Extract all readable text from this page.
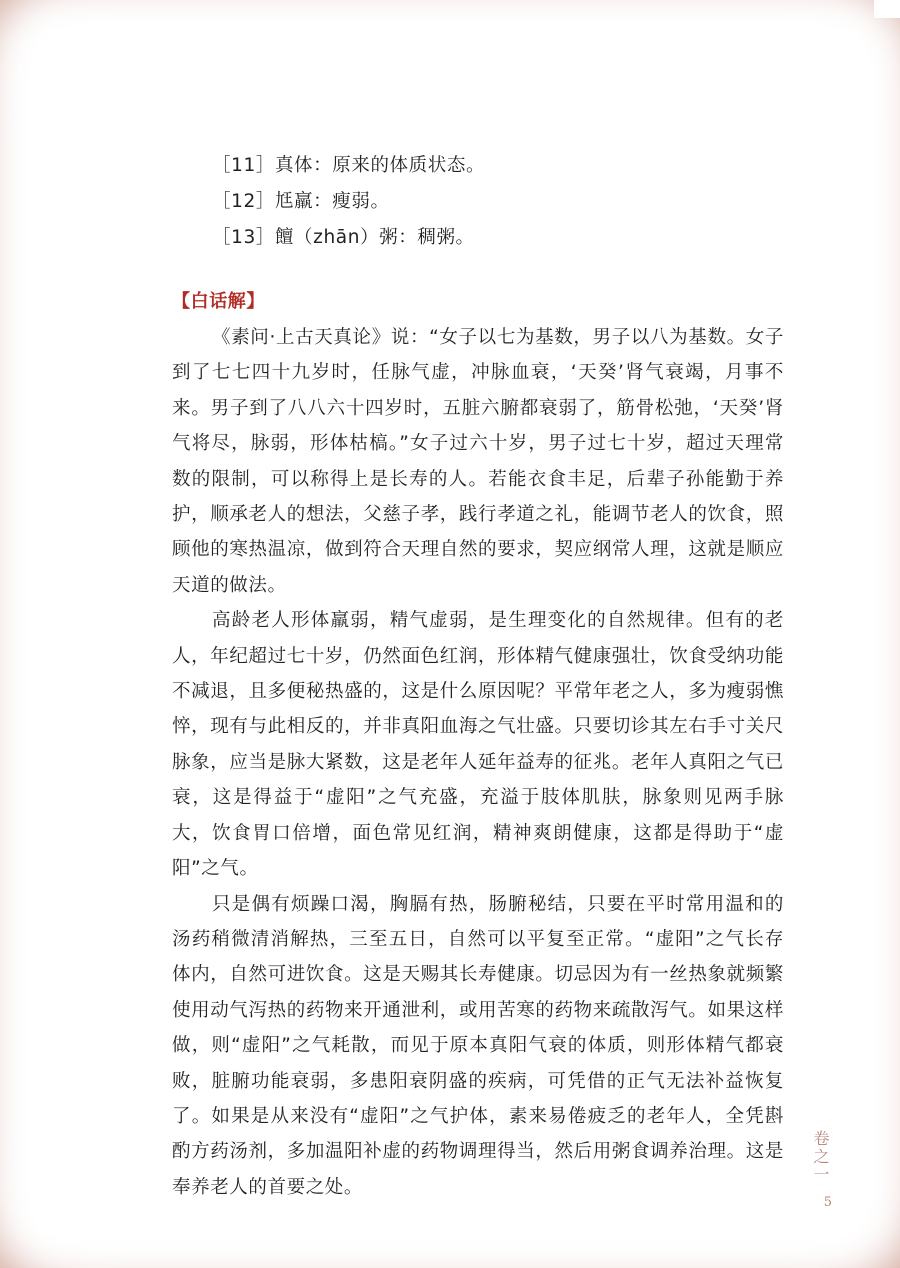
［11］真体：原来的体质状态。
［12］尪羸：瘦弱。
［13］饘（zhān）粥：稠粥。
【白话解】

《素问·上古天真论》说：“女子以七为基数，男子以八为基数。女子到了七七四十九岁时，任脉气虚，冲脉血衰，‘天癸’肾气衰竭，月事不来。男子到了八八六十四岁时，五脏六腑都衰弱了，筋骨松弛，‘天癸’肾气将尽，脉弱，形体枯槁。”女子过六十岁，男子过七十岁，超过天理常数的限制，可以称得上是长寿的人。若能衣食丰足，后辈子孙能勤于养护，顺承老人的想法，父慈子孝，践行孝道之礼，能调节老人的饮食，照顾他的寒热温凉，做到符合天理自然的要求，契应纲常人理，这就是顺应天道的做法。

高龄老人形体羸弱，精气虚弱，是生理变化的自然规律。但有的老人，年纪超过七十岁，仍然面色红润，形体精气健康强壮，饮食受纳功能不减退，且多便秘热盛的，这是什么原因呢？平常年老之人，多为瘦弱憔悴，现有与此相反的，并非真阳血海之气壮盛。只要切诊其左右手寸关尺脉象，应当是脉大紧数，这是老年人延年益寿的征兆。老年人真阳之气已衰，这是得益于“虚阳”之气充盛，充溢于肢体肌肤，脉象则见两手脉大，饮食胃口倍增，面色常见红润，精神爽朗健康，这都是得助于“虚阳”之气。

只是偶有烦躁口渴，胸膈有热，肠腑秘结，只要在平时常用温和的汤药稍微清消解热，三至五日，自然可以平复至正常。“虚阳”之气长存体内，自然可进饮食。这是天赐其长寿健康。切忌因为有一丝热象就频繁使用动气泻热的药物来开通泄利，或用苦寒的药物来疏散泻气。如果这样做，则“虚阳”之气耗散，而见于原本真阳气衰的体质，则形体精气都衰败，脏腑功能衰弱，多患阳衰阴盛的疾病，可凭借的正气无法补益恢复了。如果是从来没有“虚阳”之气护体，素来易倦疲乏的老年人，全凭斟酌方药汤剂，多加温阳补虚的药物调理得当，然后用粥食调养治理。这是奉养老人的首要之处。

卷之一
5
